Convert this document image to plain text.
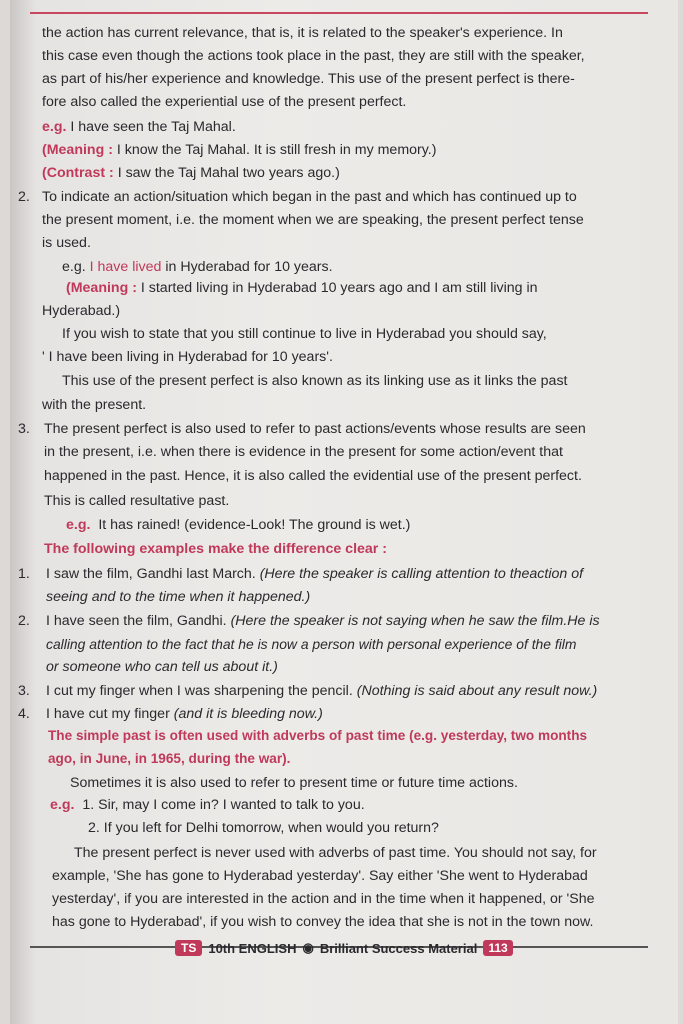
the action has current relevance, that is, it is related to the speaker's experience. In
this case even though the actions took place in the past, they are still with the speaker,
as part of his/her experience and knowledge. This use of the present perfect is there-
fore also called the experiential use of the present perfect.
e.g. I have seen the Taj Mahal.
(Meaning : I know the Taj Mahal. It is still fresh in my memory.)
(Contrast : I saw the Taj Mahal two years ago.)
2. To indicate an action/situation which began in the past and which has continued up to
the present moment, i.e. the moment when we are speaking, the present perfect tense
is used.
e.g. I have lived in Hyderabad for 10 years.
(Meaning : I started living in Hyderabad 10 years ago and I am still living in
Hyderabad.)
If you wish to state that you still continue to live in Hyderabad you should say,
' I have been living in Hyderabad for 10 years'.
This use of the present perfect is also known as its linking use as it links the past
with the present.
3. The present perfect is also used to refer to past actions/events whose results are seen
in the present, i.e. when there is evidence in the present for some action/event that
happened in the past. Hence, it is also called the evidential use of the present perfect.
This is called resultative past.
e.g. It has rained! (evidence-Look! The ground is wet.)
The following examples make the difference clear :
1. I saw the film, Gandhi last March. (Here the speaker is calling attention to theaction of
seeing and to the time when it happened.)
2. I have seen the film, Gandhi. (Here the speaker is not saying when he saw the film.He is
calling attention to the fact that he is now a person with personal experience of the film
or someone who can tell us about it.)
3. I cut my finger when I was sharpening the pencil. (Nothing is said about any result now.)
4. I have cut my finger (and it is bleeding now.)
The simple past is often used with adverbs of past time (e.g. yesterday, two months
ago, in June, in 1965, during the war).
Sometimes it is also used to refer to present time or future time actions.
e.g. 1. Sir, may I come in? I wanted to talk to you.
2. If you left for Delhi tomorrow, when would you return?
The present perfect is never used with adverbs of past time. You should not say, for
example, 'She has gone to Hyderabad yesterday'. Say either 'She went to Hyderabad
yesterday', if you are interested in the action and in the time when it happened, or 'She
has gone to Hyderabad', if you wish to convey the idea that she is not in the town now.
TS 10th ENGLISH ◉ Brilliant Success Material 113
